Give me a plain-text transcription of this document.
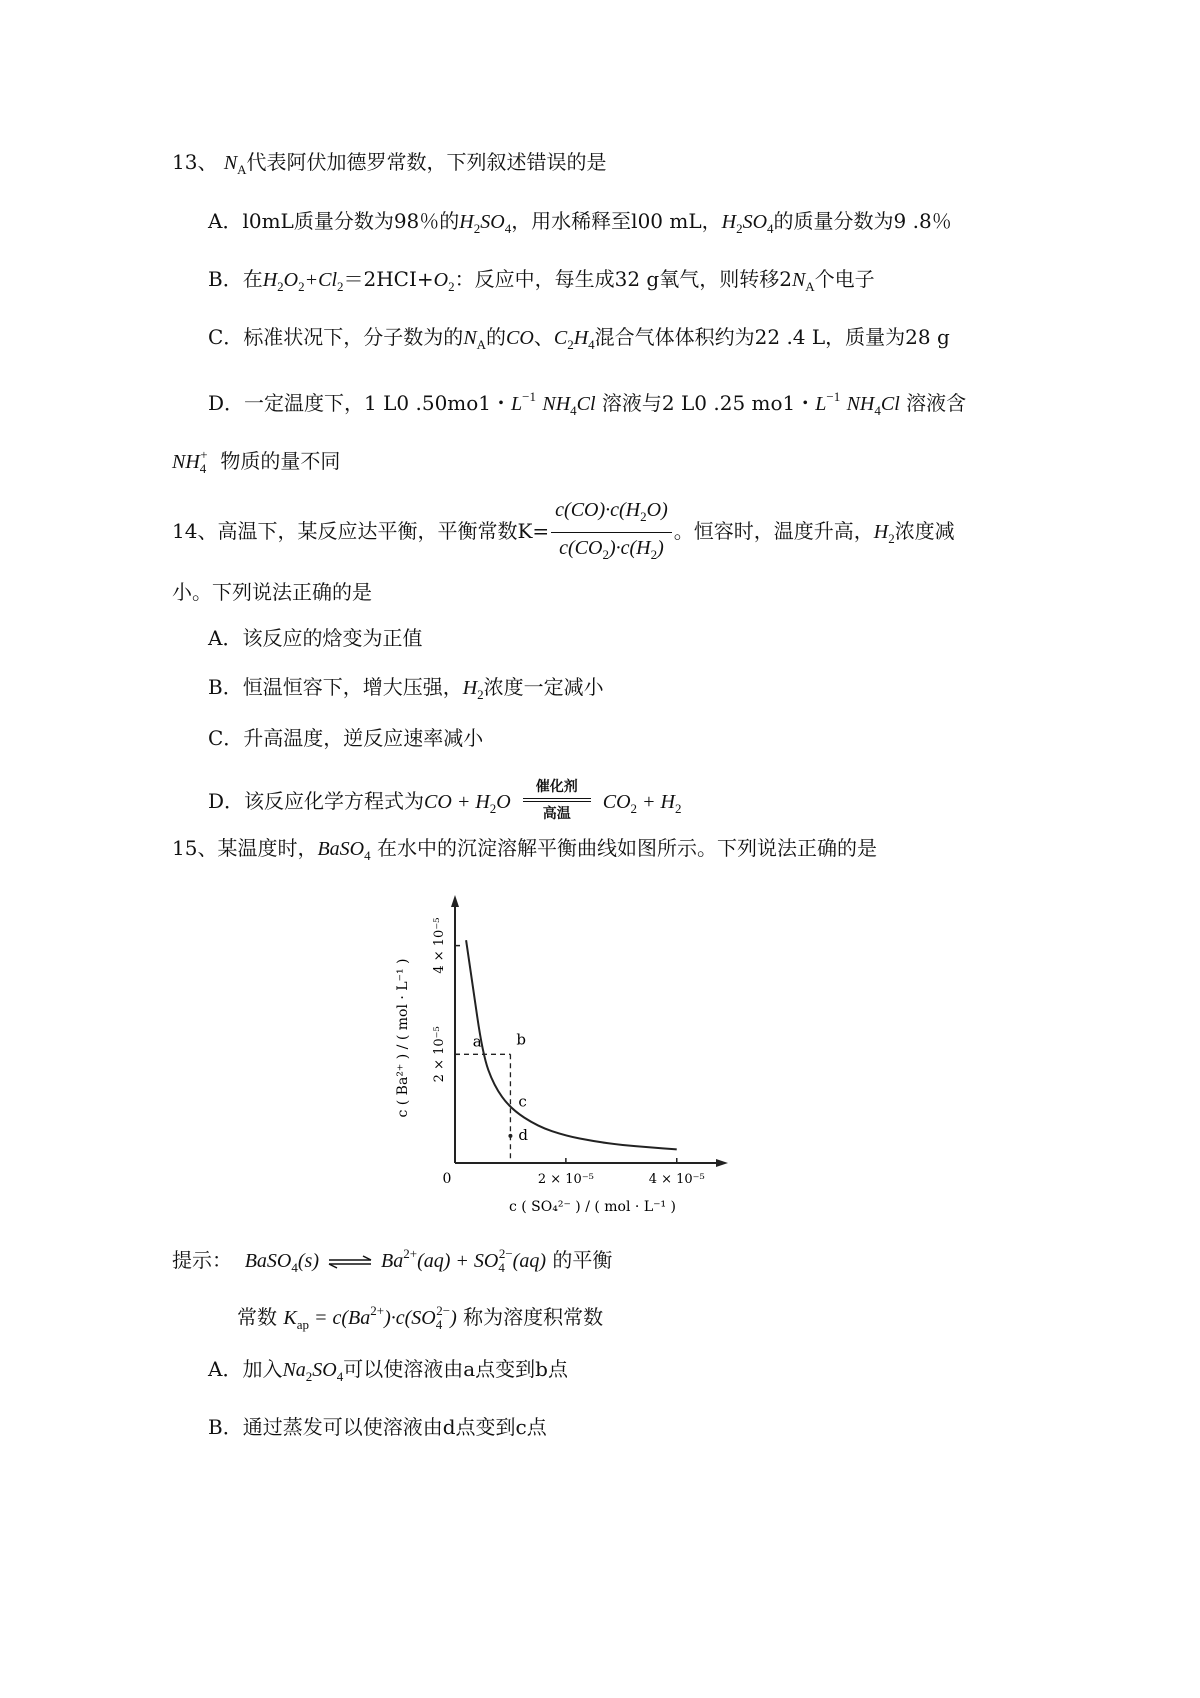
13、 $N_A$代表阿伏加德罗常数，下列叙述错误的是
A．l0mL质量分数为98％的$H_2SO_4$，用水稀释至l00 mL，$H_2SO_4$的质量分数为9 .8％
B．在$H_2O_2+Cl_2=2HCI+O_2$：反应中，每生成32 g氧气，则转移$2N_A$个电子
C．标准状况下，分子数为的$N_A$的CO、$C_2H_4$混合气体体积约为22 .4 L，质量为28 g
D．一定温度下，1 L0 .50mo1・$L^{-1}$ $NH_4Cl$ 溶液与2 L0 .25 mo1・$L^{-1}$ $NH_4Cl$ 溶液含
$NH_4^+$ 物质的量不同
14、高温下，某反应达平衡，平衡常数$K= \frac{c(CO)\cdot c(H_2O)}{c(CO_2)\cdot c(H_2)}$ 。恒容时，温度升高，$H_2$浓度减
小。下列说法正确的是
A．该反应的焓变为正值
B．恒温恒容下，增大压强，$H_2$浓度一定减小
C．升高温度，逆反应速率减小
D．该反应化学方程式为CO + $H_2O$
催化剂
高温
$CO_2 + H_2$
15、某温度时，BaSO$_4$ 在水中的沉淀溶解平衡曲线如图所示。下列说法正确的是
a b
c
d
2 × 10⁻⁵
2 × 10⁻⁵
4 × 10⁻⁵
4 × 10⁻⁵
0
c ( SO₄²⁻ ) / ( mol · L⁻¹ )
c ( Ba²⁺ ) / ( mol · L⁻¹ )
提示： BaSO$_4$(s) ⇌ $Ba^{2+}(aq) + SO_4^{2-}(aq)$ 的平衡
常数 $K_{ap} = c(Ba^{2+})\cdot c(SO_4^{2-})$ 称为溶度积常数
A．加入$Na_2SO_4$可以使溶液由a点变到b点
B．通过蒸发可以使溶液由d点变到c点
